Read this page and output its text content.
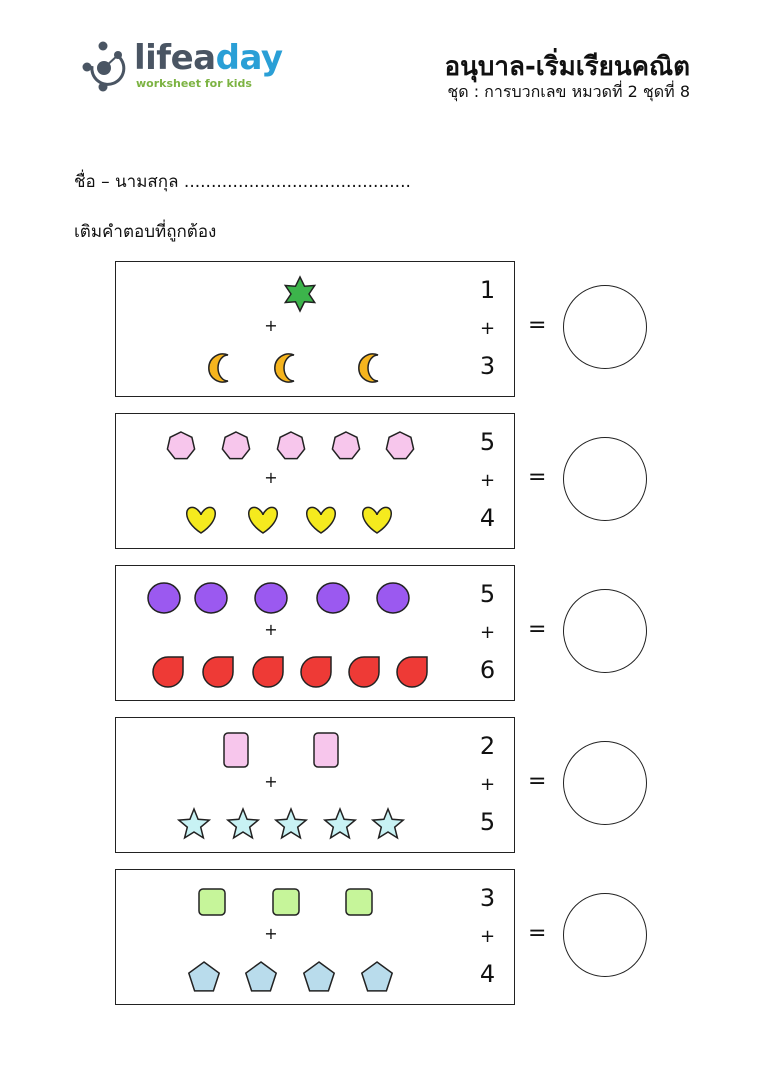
lifeaday
worksheet for kids
อนุบาล-เริ่มเรียนคณิต
ชุด : การบวกเลข หมวดที่ 2 ชุดที่ 8
ชื่อ – นามสกุล ..........................................
เติมคำตอบที่ถูกต้อง
+
1
+
3
=
+
5
+
4
=
+
5
+
6
=
+
2
+
5
=
+
3
+
4
=
